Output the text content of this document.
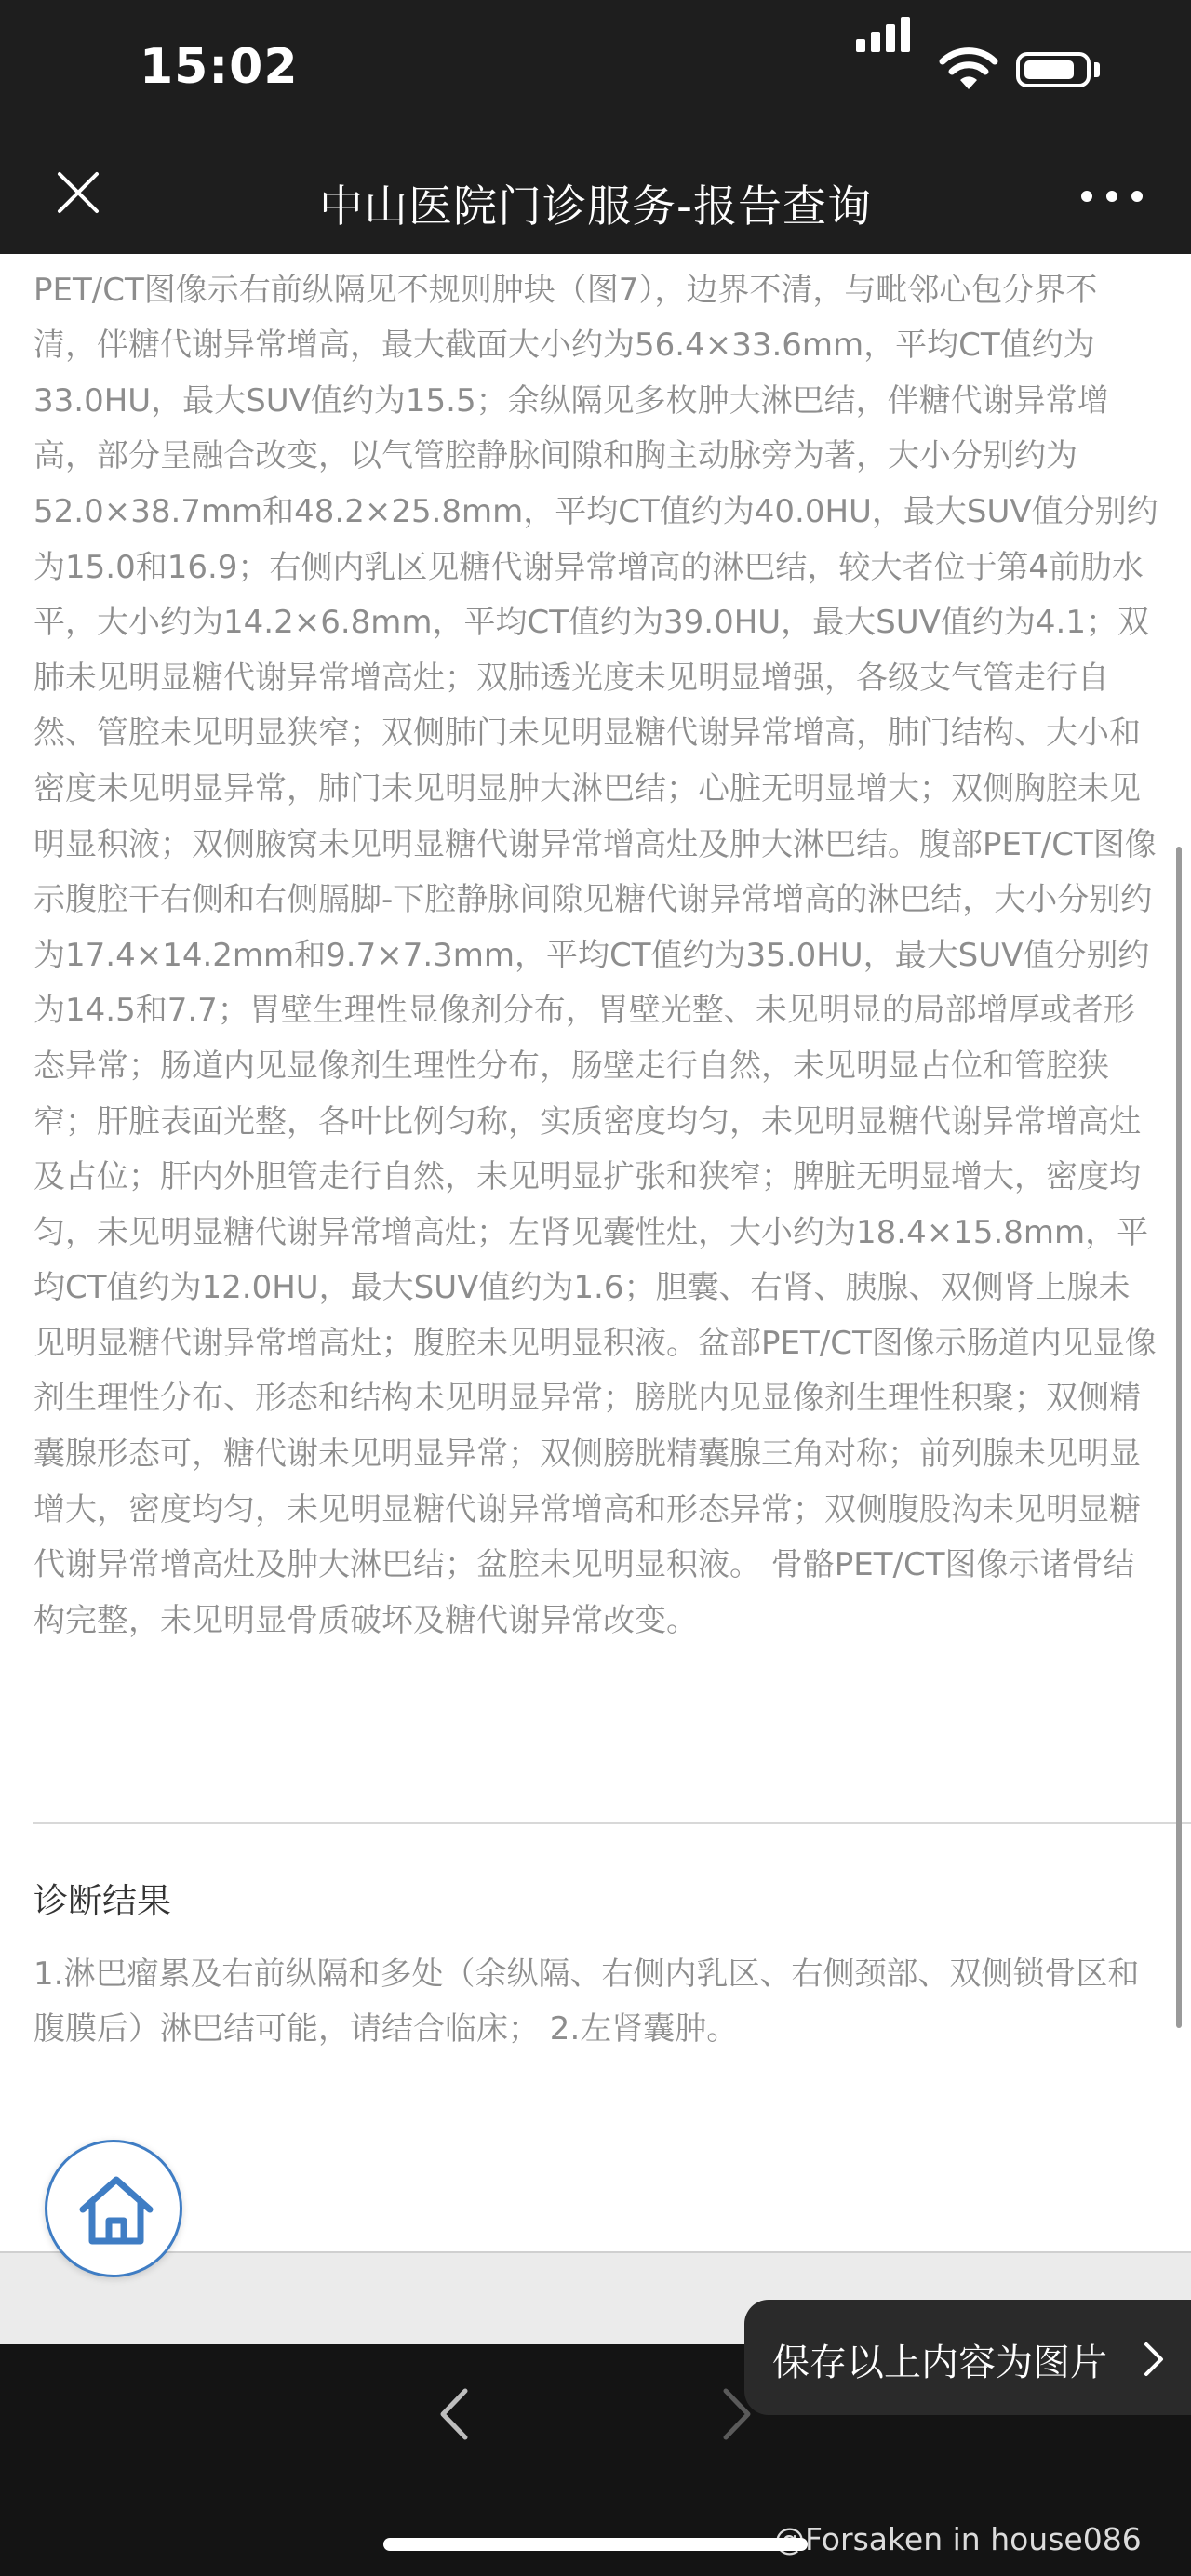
15:02
中山医院门诊服务-报告查询

PET/CT图像示右前纵隔见不规则肿块（图7），边界不清，与毗邻心包分界不清，伴糖代谢异常增高，最大截面大小约为56.4×33.6mm，平均CT值约为33.0HU，最大SUV值约为15.5；余纵隔见多枚肿大淋巴结，伴糖代谢异常增高，部分呈融合改变，以气管腔静脉间隙和胸主动脉旁为著，大小分别约为52.0×38.7mm和48.2×25.8mm，平均CT值约为40.0HU，最大SUV值分别约为15.0和16.9；右侧内乳区见糖代谢异常增高的淋巴结，较大者位于第4前肋水平，大小约为14.2×6.8mm，平均CT值约为39.0HU，最大SUV值约为4.1；双肺未见明显糖代谢异常增高灶；双肺透光度未见明显增强，各级支气管走行自然、管腔未见明显狭窄；双侧肺门未见明显糖代谢异常增高，肺门结构、大小和密度未见明显异常，肺门未见明显肿大淋巴结；心脏无明显增大；双侧胸腔未见明显积液；双侧腋窝未见明显糖代谢异常增高灶及肿大淋巴结。腹部PET/CT图像示腹腔干右侧和右侧膈脚-下腔静脉间隙见糖代谢异常增高的淋巴结，大小分别约为17.4×14.2mm和9.7×7.3mm，平均CT值约为35.0HU，最大SUV值分别约为14.5和7.7；胃壁生理性显像剂分布，胃壁光整、未见明显的局部增厚或者形态异常；肠道内见显像剂生理性分布，肠壁走行自然，未见明显占位和管腔狭窄；肝脏表面光整，各叶比例匀称，实质密度均匀，未见明显糖代谢异常增高灶及占位；肝内外胆管走行自然，未见明显扩张和狭窄；脾脏无明显增大，密度均匀，未见明显糖代谢异常增高灶；左肾见囊性灶，大小约为18.4×15.8mm，平均CT值约为12.0HU，最大SUV值约为1.6；胆囊、右肾、胰腺、双侧肾上腺未见明显糖代谢异常增高灶；腹腔未见明显积液。盆部PET/CT图像示肠道内见显像剂生理性分布、形态和结构未见明显异常；膀胱内见显像剂生理性积聚；双侧精囊腺形态可，糖代谢未见明显异常；双侧膀胱精囊腺三角对称；前列腺未见明显增大，密度均匀，未见明显糖代谢异常增高和形态异常；双侧腹股沟未见明显糖代谢异常增高灶及肿大淋巴结；盆腔未见明显积液。 骨骼PET/CT图像示诸骨结构完整，未见明显骨质破坏及糖代谢异常改变。

诊断结果

1.淋巴瘤累及右前纵隔和多处（余纵隔、右侧内乳区、右侧颈部、双侧锁骨区和腹膜后）淋巴结可能，请结合临床； 2.左肾囊肿。

保存以上内容为图片
@Forsaken in house086
